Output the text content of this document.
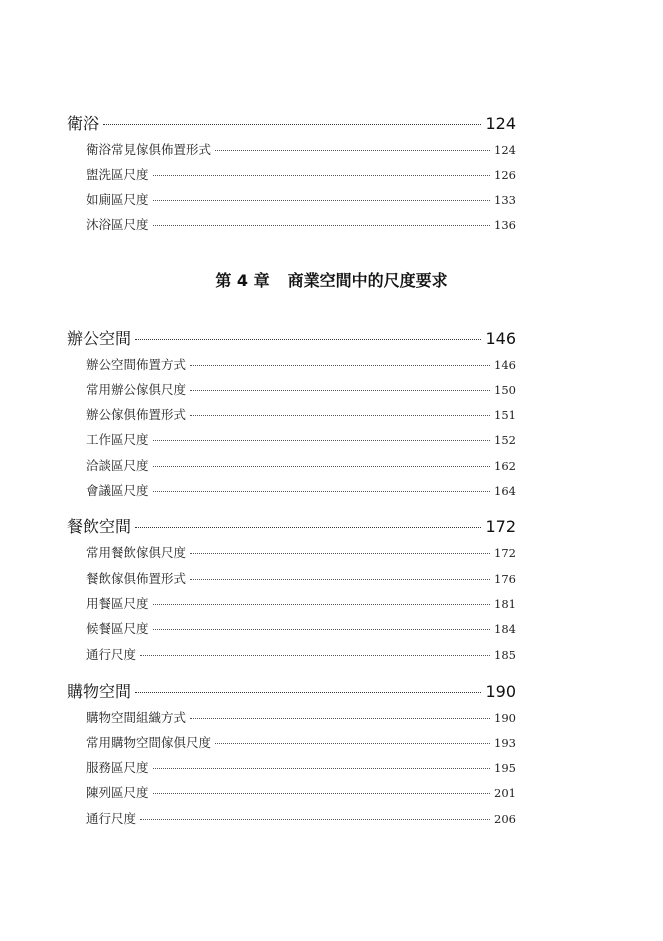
衛浴	124
衛浴常見傢俱佈置形式	124
盥洗區尺度	126
如廁區尺度	133
沐浴區尺度	136
第 4 章 商業空間中的尺度要求
辦公空間	146
辦公空間佈置方式	146
常用辦公傢俱尺度	150
辦公傢俱佈置形式	151
工作區尺度	152
洽談區尺度	162
會議區尺度	164
餐飲空間	172
常用餐飲傢俱尺度	172
餐飲傢俱佈置形式	176
用餐區尺度	181
候餐區尺度	184
通行尺度	185
購物空間	190
購物空間組織方式	190
常用購物空間傢俱尺度	193
服務區尺度	195
陳列區尺度	201
通行尺度	206
